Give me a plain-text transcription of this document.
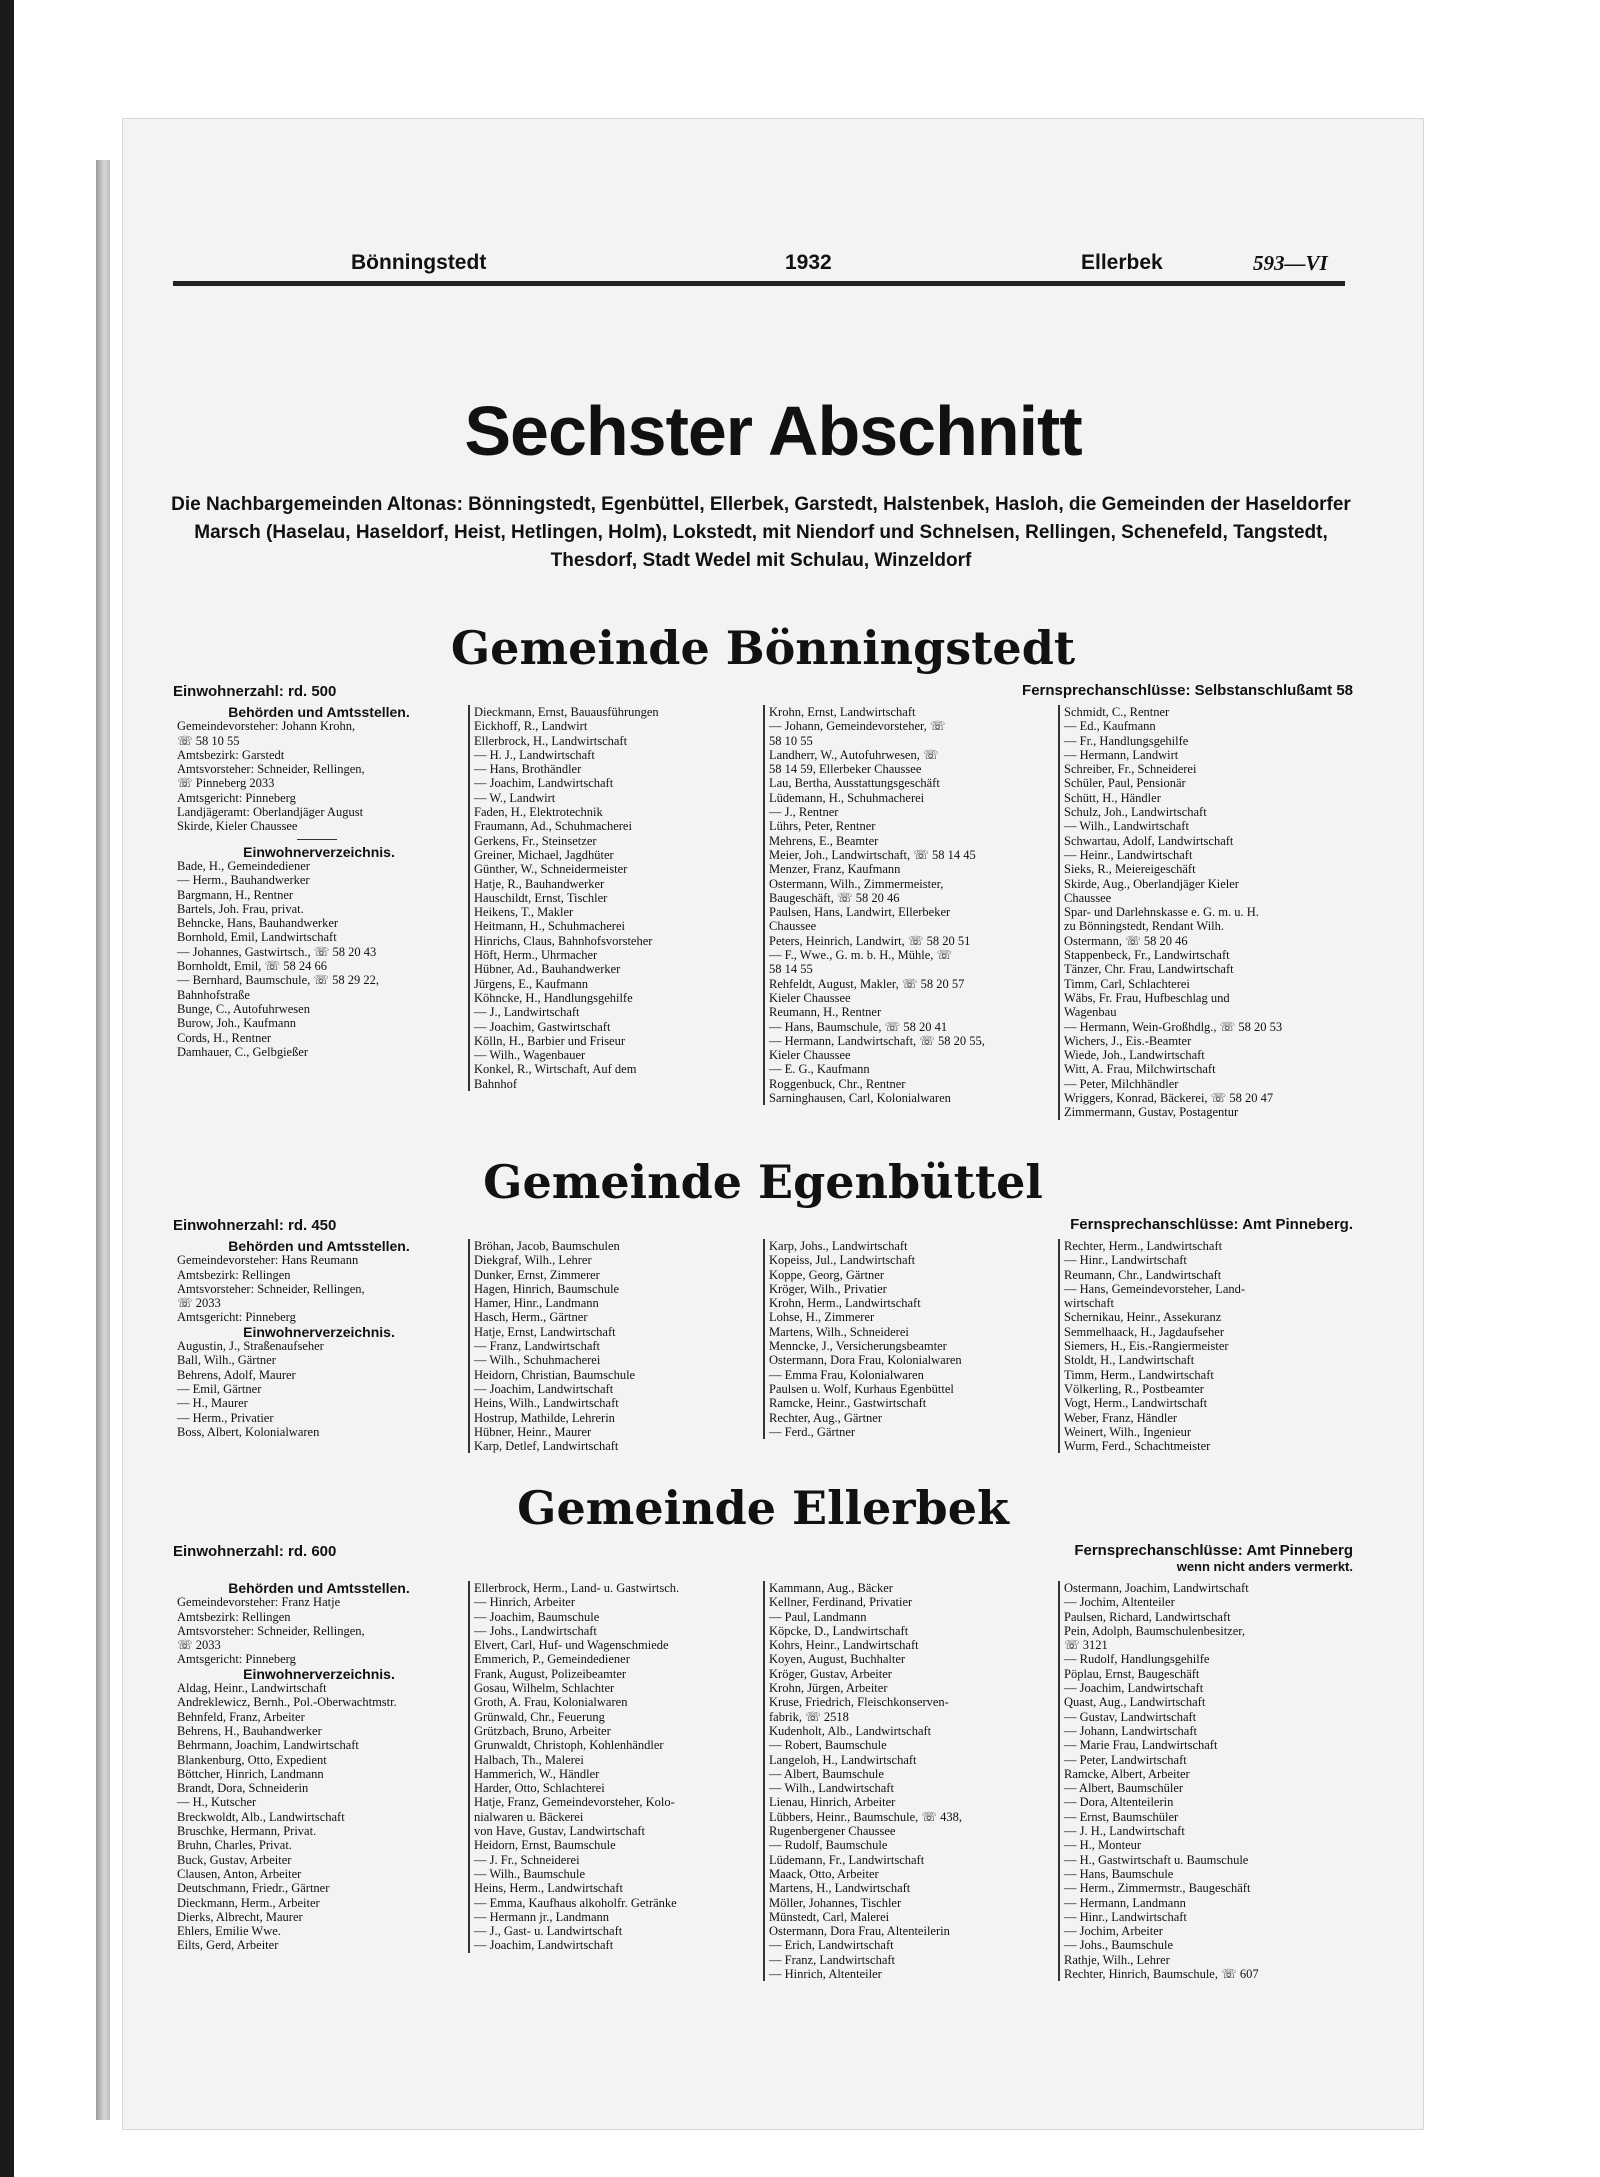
Bönningstedt	1932	Ellerbek	593—VI
Sechster Abschnitt

Die Nachbargemeinden Altonas: Bönningstedt, Egenbüttel, Ellerbek, Garstedt, Halstenbek, Hasloh, die Gemeinden der Haseldorfer Marsch (Haselau, Haseldorf, Heist, Hetlingen, Holm), Lokstedt, mit Niendorf und Schnelsen, Rellingen, Schenefeld, Tangstedt, Thesdorf, Stadt Wedel mit Schulau, Winzeldorf

Gemeinde Bönningstedt
Einwohnerzahl: rd. 500	Fernsprechanschlüsse: Selbstanschlußamt 58

Behörden und Amtsstellen.

Gemeindevorsteher: Johann Krohn,

☏ 58 10 55

Amtsbezirk: Garstedt

Amtsvorsteher: Schneider, Rellingen,

☏ Pinneberg 2033

Amtsgericht: Pinneberg

Landjägeramt: Oberlandjäger August

Skirde, Kieler Chaussee

Einwohnerverzeichnis.

Bade, H., Gemeindediener

— Herm., Bauhandwerker

Bargmann, H., Rentner

Bartels, Joh. Frau, privat.

Behncke, Hans, Bauhandwerker

Bornhold, Emil, Landwirtschaft

— Johannes, Gastwirtsch., ☏ 58 20 43

Bornholdt, Emil, ☏ 58 24 66

— Bernhard, Baumschule, ☏ 58 29 22,

Bahnhofstraße

Bunge, C., Autofuhrwesen

Burow, Joh., Kaufmann

Cords, H., Rentner

Damhauer, C., Gelbgießer

Dieckmann, Ernst, Bauausführungen

Eickhoff, R., Landwirt

Ellerbrock, H., Landwirtschaft

— H. J., Landwirtschaft

— Hans, Brothändler

— Joachim, Landwirtschaft

— W., Landwirt

Faden, H., Elektrotechnik

Fraumann, Ad., Schuhmacherei

Gerkens, Fr., Steinsetzer

Greiner, Michael, Jagdhüter

Günther, W., Schneidermeister

Hatje, R., Bauhandwerker

Hauschildt, Ernst, Tischler

Heikens, T., Makler

Heitmann, H., Schuhmacherei

Hinrichs, Claus, Bahnhofsvorsteher

Höft, Herm., Uhrmacher

Hübner, Ad., Bauhandwerker

Jürgens, E., Kaufmann

Köhncke, H., Handlungsgehilfe

— J., Landwirtschaft

— Joachim, Gastwirtschaft

Kölln, H., Barbier und Friseur

— Wilh., Wagenbauer

Konkel, R., Wirtschaft, Auf dem

Bahnhof

Krohn, Ernst, Landwirtschaft

— Johann, Gemeindevorsteher, ☏

58 10 55

Landherr, W., Autofuhrwesen, ☏

58 14 59, Ellerbeker Chaussee

Lau, Bertha, Ausstattungsgeschäft

Lüdemann, H., Schuhmacherei

— J., Rentner

Lührs, Peter, Rentner

Mehrens, E., Beamter

Meier, Joh., Landwirtschaft, ☏ 58 14 45

Menzer, Franz, Kaufmann

Ostermann, Wilh., Zimmermeister,

Baugeschäft, ☏ 58 20 46

Paulsen, Hans, Landwirt, Ellerbeker

Chaussee

Peters, Heinrich, Landwirt, ☏ 58 20 51

— F., Wwe., G. m. b. H., Mühle, ☏

58 14 55

Rehfeldt, August, Makler, ☏ 58 20 57

Kieler Chaussee

Reumann, H., Rentner

— Hans, Baumschule, ☏ 58 20 41

— Hermann, Landwirtschaft, ☏ 58 20 55,

Kieler Chaussee

— E. G., Kaufmann

Roggenbuck, Chr., Rentner

Sarninghausen, Carl, Kolonialwaren

Schmidt, C., Rentner

— Ed., Kaufmann

— Fr., Handlungsgehilfe

— Hermann, Landwirt

Schreiber, Fr., Schneiderei

Schüler, Paul, Pensionär

Schütt, H., Händler

Schulz, Joh., Landwirtschaft

— Wilh., Landwirtschaft

Schwartau, Adolf, Landwirtschaft

— Heinr., Landwirtschaft

Sieks, R., Meiereigeschäft

Skirde, Aug., Oberlandjäger Kieler

Chaussee

Spar- und Darlehnskasse e. G. m. u. H.

zu Bönningstedt, Rendant Wilh.

Ostermann, ☏ 58 20 46

Stappenbeck, Fr., Landwirtschaft

Tänzer, Chr. Frau, Landwirtschaft

Timm, Carl, Schlachterei

Wäbs, Fr. Frau, Hufbeschlag und

Wagenbau

— Hermann, Wein-Großhdlg., ☏ 58 20 53

Wichers, J., Eis.-Beamter

Wiede, Joh., Landwirtschaft

Witt, A. Frau, Milchwirtschaft

— Peter, Milchhändler

Wriggers, Konrad, Bäckerei, ☏ 58 20 47

Zimmermann, Gustav, Postagentur

Gemeinde Egenbüttel
Einwohnerzahl: rd. 450	Fernsprechanschlüsse: Amt Pinneberg.

Behörden und Amtsstellen.

Gemeindevorsteher: Hans Reumann

Amtsbezirk: Rellingen

Amtsvorsteher: Schneider, Rellingen,

☏ 2033

Amtsgericht: Pinneberg

Einwohnerverzeichnis.

Augustin, J., Straßenaufseher

Ball, Wilh., Gärtner

Behrens, Adolf, Maurer

— Emil, Gärtner

— H., Maurer

— Herm., Privatier

Boss, Albert, Kolonialwaren

Bröhan, Jacob, Baumschulen

Diekgraf, Wilh., Lehrer

Dunker, Ernst, Zimmerer

Hagen, Hinrich, Baumschule

Hamer, Hinr., Landmann

Hasch, Herm., Gärtner

Hatje, Ernst, Landwirtschaft

— Franz, Landwirtschaft

— Wilh., Schuhmacherei

Heidorn, Christian, Baumschule

— Joachim, Landwirtschaft

Heins, Wilh., Landwirtschaft

Hostrup, Mathilde, Lehrerin

Hübner, Heinr., Maurer

Karp, Detlef, Landwirtschaft

Karp, Johs., Landwirtschaft

Kopeiss, Jul., Landwirtschaft

Koppe, Georg, Gärtner

Kröger, Wilh., Privatier

Krohn, Herm., Landwirtschaft

Lohse, H., Zimmerer

Martens, Wilh., Schneiderei

Menncke, J., Versicherungsbeamter

Ostermann, Dora Frau, Kolonialwaren

— Emma Frau, Kolonialwaren

Paulsen u. Wolf, Kurhaus Egenbüttel

Ramcke, Heinr., Gastwirtschaft

Rechter, Aug., Gärtner

— Ferd., Gärtner

Rechter, Herm., Landwirtschaft

— Hinr., Landwirtschaft

Reumann, Chr., Landwirtschaft

— Hans, Gemeindevorsteher, Land-

wirtschaft

Schernikau, Heinr., Assekuranz

Semmelhaack, H., Jagdaufseher

Siemers, H., Eis.-Rangiermeister

Stoldt, H., Landwirtschaft

Timm, Herm., Landwirtschaft

Völkerling, R., Postbeamter

Vogt, Herm., Landwirtschaft

Weber, Franz, Händler

Weinert, Wilh., Ingenieur

Wurm, Ferd., Schachtmeister

Gemeinde Ellerbek
Einwohnerzahl: rd. 600	Fernsprechanschlüsse: Amt Pinneberg
wenn nicht anders vermerkt.

Behörden und Amtsstellen.

Gemeindevorsteher: Franz Hatje

Amtsbezirk: Rellingen

Amtsvorsteher: Schneider, Rellingen,

☏ 2033

Amtsgericht: Pinneberg

Einwohnerverzeichnis.

Aldag, Heinr., Landwirtschaft

Andreklewicz, Bernh., Pol.-Oberwachtmstr.

Behnfeld, Franz, Arbeiter

Behrens, H., Bauhandwerker

Behrmann, Joachim, Landwirtschaft

Blankenburg, Otto, Expedient

Böttcher, Hinrich, Landmann

Brandt, Dora, Schneiderin

— H., Kutscher

Breckwoldt, Alb., Landwirtschaft

Bruschke, Hermann, Privat.

Bruhn, Charles, Privat.

Buck, Gustav, Arbeiter

Clausen, Anton, Arbeiter

Deutschmann, Friedr., Gärtner

Dieckmann, Herm., Arbeiter

Dierks, Albrecht, Maurer

Ehlers, Emilie Wwe.

Eilts, Gerd, Arbeiter

Ellerbrock, Herm., Land- u. Gastwirtsch.

— Hinrich, Arbeiter

— Joachim, Baumschule

— Johs., Landwirtschaft

Elvert, Carl, Huf- und Wagenschmiede

Emmerich, P., Gemeindediener

Frank, August, Polizeibeamter

Gosau, Wilhelm, Schlachter

Groth, A. Frau, Kolonialwaren

Grünwald, Chr., Feuerung

Grützbach, Bruno, Arbeiter

Grunwaldt, Christoph, Kohlenhändler

Halbach, Th., Malerei

Hammerich, W., Händler

Harder, Otto, Schlachterei

Hatje, Franz, Gemeindevorsteher, Kolo-

nialwaren u. Bäckerei

von Have, Gustav, Landwirtschaft

Heidorn, Ernst, Baumschule

— J. Fr., Schneiderei

— Wilh., Baumschule

Heins, Herm., Landwirtschaft

— Emma, Kaufhaus alkoholfr. Getränke

— Hermann jr., Landmann

— J., Gast- u. Landwirtschaft

— Joachim, Landwirtschaft

Kammann, Aug., Bäcker

Kellner, Ferdinand, Privatier

— Paul, Landmann

Köpcke, D., Landwirtschaft

Kohrs, Heinr., Landwirtschaft

Koyen, August, Buchhalter

Kröger, Gustav, Arbeiter

Krohn, Jürgen, Arbeiter

Kruse, Friedrich, Fleischkonserven-

fabrik, ☏ 2518

Kudenholt, Alb., Landwirtschaft

— Robert, Baumschule

Langeloh, H., Landwirtschaft

— Albert, Baumschule

— Wilh., Landwirtschaft

Lienau, Hinrich, Arbeiter

Lübbers, Heinr., Baumschule, ☏ 438,

Rugenbergener Chaussee

— Rudolf, Baumschule

Lüdemann, Fr., Landwirtschaft

Maack, Otto, Arbeiter

Martens, H., Landwirtschaft

Möller, Johannes, Tischler

Münstedt, Carl, Malerei

Ostermann, Dora Frau, Altenteilerin

— Erich, Landwirtschaft

— Franz, Landwirtschaft

— Hinrich, Altenteiler

Ostermann, Joachim, Landwirtschaft

— Jochim, Altenteiler

Paulsen, Richard, Landwirtschaft

Pein, Adolph, Baumschulenbesitzer,

☏ 3121

— Rudolf, Handlungsgehilfe

Pöplau, Ernst, Baugeschäft

— Joachim, Landwirtschaft

Quast, Aug., Landwirtschaft

— Gustav, Landwirtschaft

— Johann, Landwirtschaft

— Marie Frau, Landwirtschaft

— Peter, Landwirtschaft

Ramcke, Albert, Arbeiter

— Albert, Baumschüler

— Dora, Altenteilerin

— Ernst, Baumschüler

— J. H., Landwirtschaft

— H., Monteur

— H., Gastwirtschaft u. Baumschule

— Hans, Baumschule

— Herm., Zimmermstr., Baugeschäft

— Hermann, Landmann

— Hinr., Landwirtschaft

— Jochim, Arbeiter

— Johs., Baumschule

Rathje, Wilh., Lehrer

Rechter, Hinrich, Baumschule, ☏ 607
